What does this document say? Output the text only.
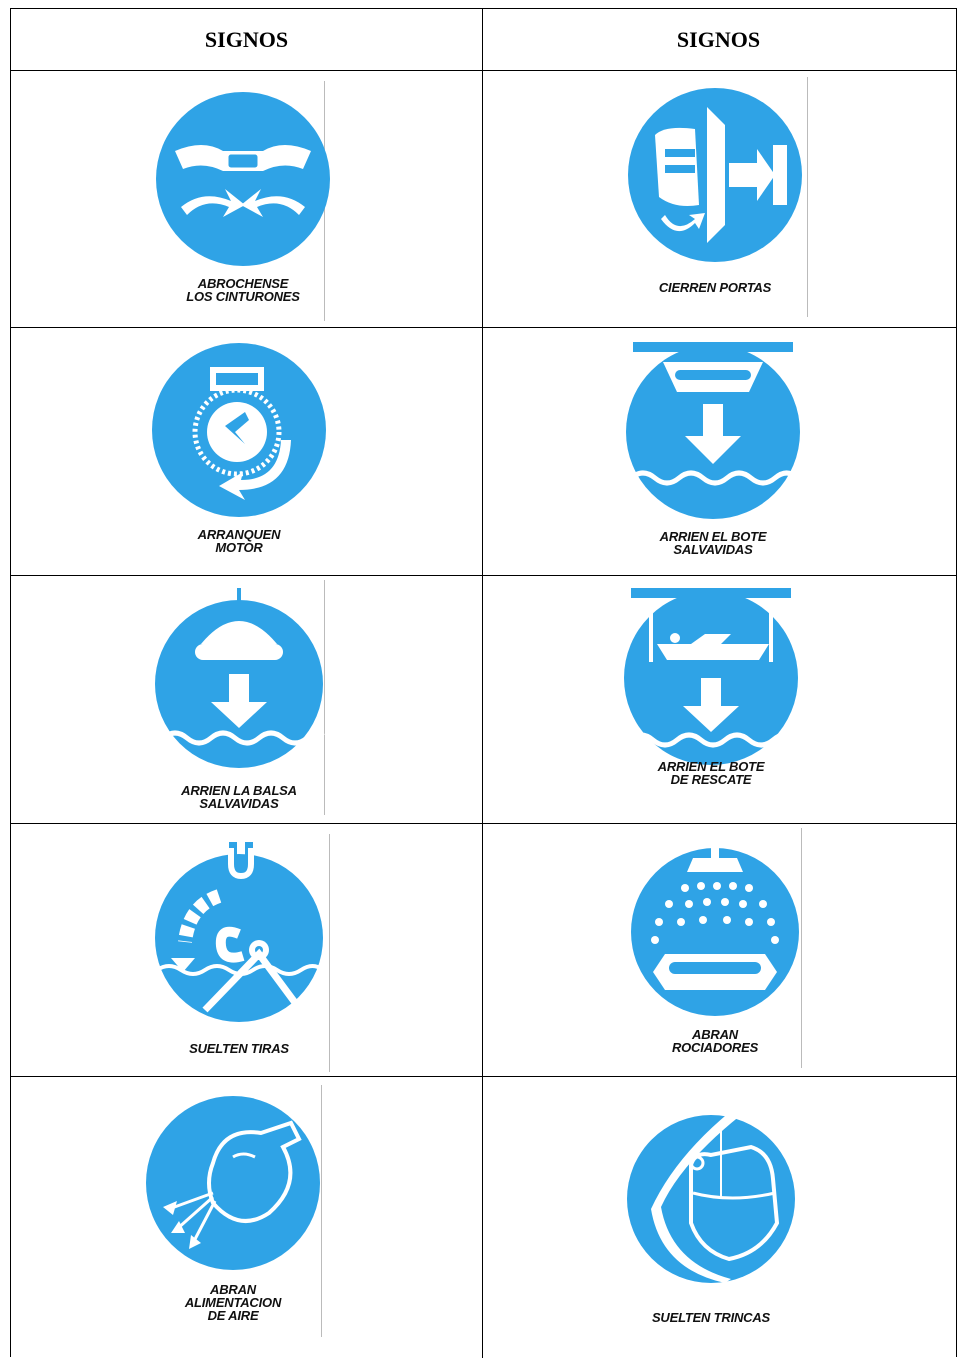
SIGNOS	SIGNOS
ABROCHENSE
LOS CINTURONES
CIERREN PORTAS
ARRANQUEN
MOTOR
ARRIEN EL BOTE
SALVAVIDAS
ARRIEN LA BALSA
SALVAVIDAS
ARRIEN EL BOTE
DE RESCATE
SUELTEN TIRAS
ABRAN
ROCIADORES
ABRAN
ALIMENTACION
DE AIRE	SUELTEN TRINCAS
